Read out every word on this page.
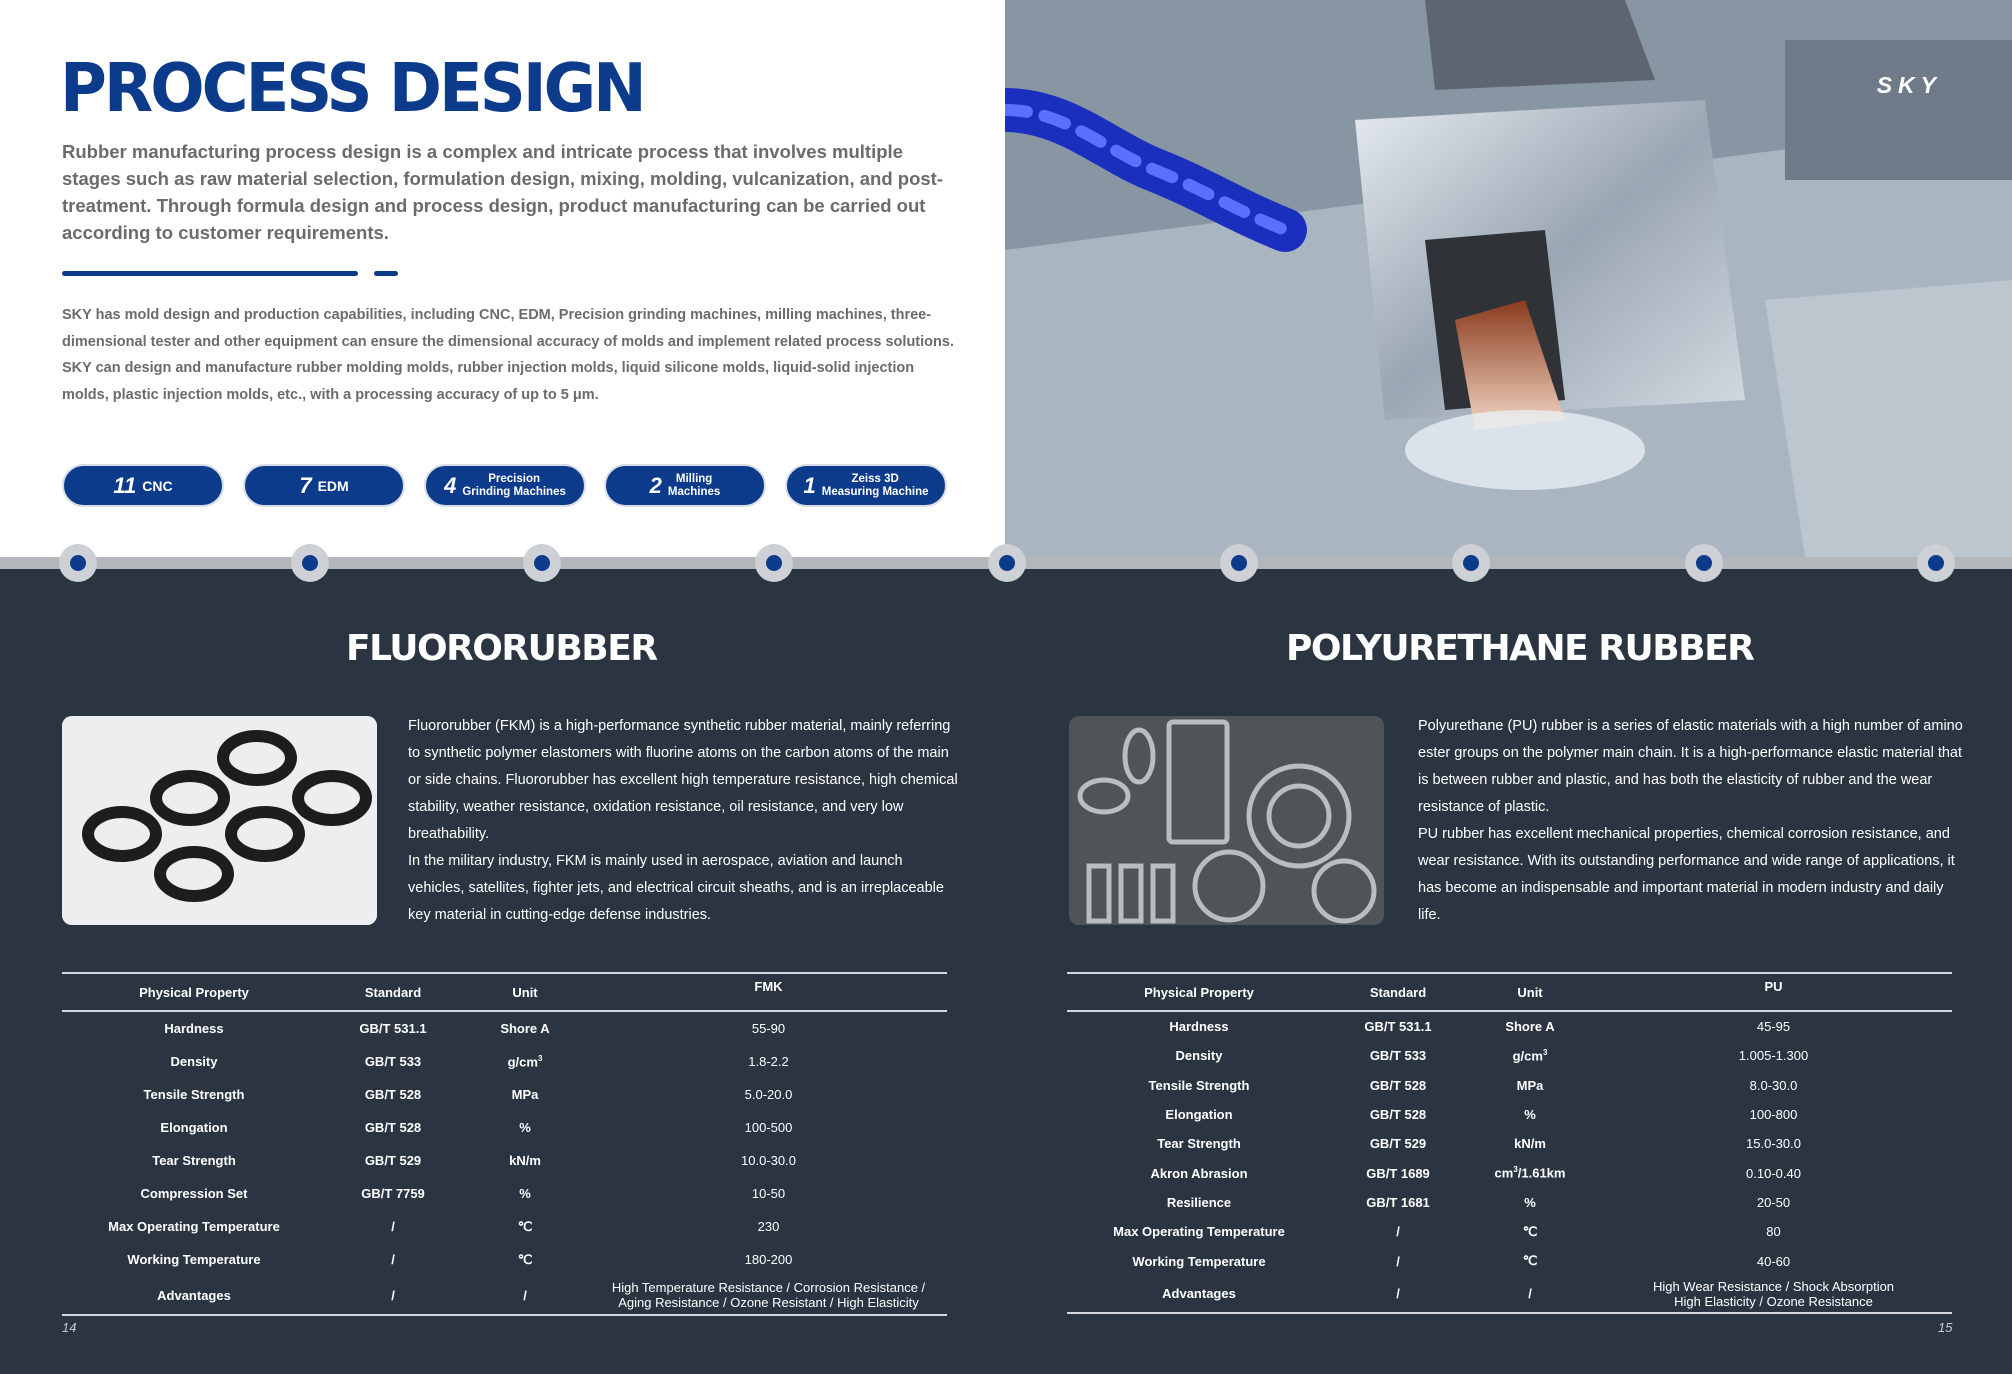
PROCESS DESIGN

Rubber manufacturing process design is a complex and intricate process that involves multiple stages such as raw material selection, formulation design, mixing, molding, vulcanization, and post-treatment. Through formula design and process design, product manufacturing can be carried out according to customer requirements.

SKY has mold design and production capabilities, including CNC, EDM, Precision grinding machines, milling machines, three-dimensional tester and other equipment can ensure the dimensional accuracy of molds and implement related process solutions.

SKY can design and manufacture rubber molding molds, rubber injection molds, liquid silicone molds, liquid-solid injection molds, plastic injection molds, etc., with a processing accuracy of up to 5 μm.

11 CNC	7 EDM	4	Precision
Grinding Machines	2	Milling
Machines	1	Zeiss 3D
Measuring Machine
SKY
FLUORORUBBER

Fluororubber (FKM) is a high-performance synthetic rubber material, mainly referring to synthetic polymer elastomers with fluorine atoms on the carbon atoms of the main or side chains. Fluororubber has excellent high temperature resistance, high chemical stability, weather resistance, oxidation resistance, oil resistance, and very low breathability.

In the military industry, FKM is mainly used in aerospace, aviation and launch vehicles, satellites, fighter jets, and electrical circuit sheaths, and is an irreplaceable key material in cutting-edge defense industries.

Physical Property	Standard	Unit	FMK
Hardness	GB/T 531.1	Shore A	55-90
Density	GB/T 533	$g/cm^3$	1.8-2.2
Tensile Strength	GB/T 528	MPa	5.0-20.0
Elongation	GB/T 528	%	100-500
Tear Strength	GB/T 529	kN/m	10.0-30.0
Compression Set	GB/T 7759	%	10-50
Max Operating Temperature	/	℃	230
Working Temperature	/	℃	180-200
Advantages	/	/	High Temperature Resistance / Corrosion Resistance /
Aging Resistance / Ozone Resistant / High Elasticity
14
POLYURETHANE RUBBER

Polyurethane (PU) rubber is a series of elastic materials with a high number of amino ester groups on the polymer main chain. It is a high-performance elastic material that is between rubber and plastic, and has both the elasticity of rubber and the wear resistance of plastic.

PU rubber has excellent mechanical properties, chemical corrosion resistance, and wear resistance. With its outstanding performance and wide range of applications, it has become an indispensable and important material in modern industry and daily life.

Physical Property	Standard	Unit	PU
Hardness	GB/T 531.1	Shore A	45-95
Density	GB/T 533	$g/cm^3$	1.005-1.300
Tensile Strength	GB/T 528	MPa	8.0-30.0
Elongation	GB/T 528	%	100-800
Tear Strength	GB/T 529	kN/m	15.0-30.0
Akron Abrasion	GB/T 1689	$cm^3/1.61km$	0.10-0.40
Resilience	GB/T 1681	%	20-50
Max Operating Temperature	/	℃	80
Working Temperature	/	℃	40-60
Advantages	/	/	High Wear Resistance / Shock Absorption
High Elasticity / Ozone Resistance
15
